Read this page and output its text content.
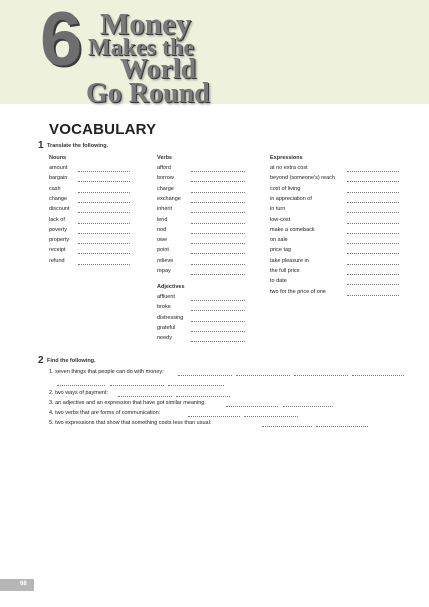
6 Money
Makes the
World
Go Round
VOCABULARY
1 Translate the following.
Nouns	Verbs
Adjectives
Expressions
amount
bargain
cash
change
discount
lack of
poverty
property
receipt
refund
afford
borrow
charge
exchange
inherit
lend
nod
owe
point
relieve
repay
affluent
broke
distressing
grateful
needy
at no extra cost
beyond (someone's) reach
cost of living
in appreciation of
in turn
low-cost
make a comeback
on sale
price tag
take pleasure in
the full price
to date
two for the price of one
2 Find the following.
1. seven things that people can do with money:
2. two ways of payment:
3. an adjective and an expression that have got similar meaning:
4. two verbs that are forms of communication:
5. two expressions that show that something costs less than usual:
68
